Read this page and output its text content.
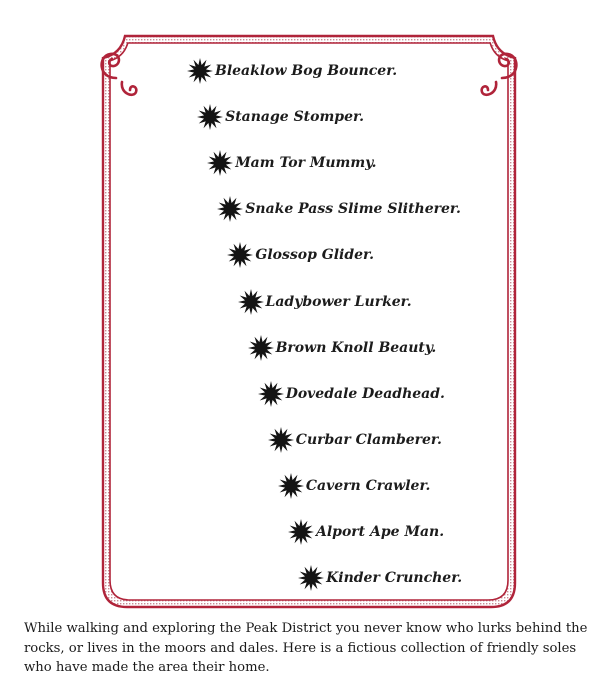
Bleaklow Bog Bouncer.
Stanage Stomper.
Mam Tor Mummy.
Snake Pass Slime Slitherer.
Glossop Glider.
Ladybower Lurker.
Brown Knoll Beauty.
Dovedale Deadhead.
Curbar Clamberer.
Cavern Crawler.
Alport Ape Man.
Kinder Cruncher.

While walking and exploring the Peak District you never know who lurks behind the rocks, or lives in the moors and dales. Here is a fictious collection of friendly soles who have made the area their home.
